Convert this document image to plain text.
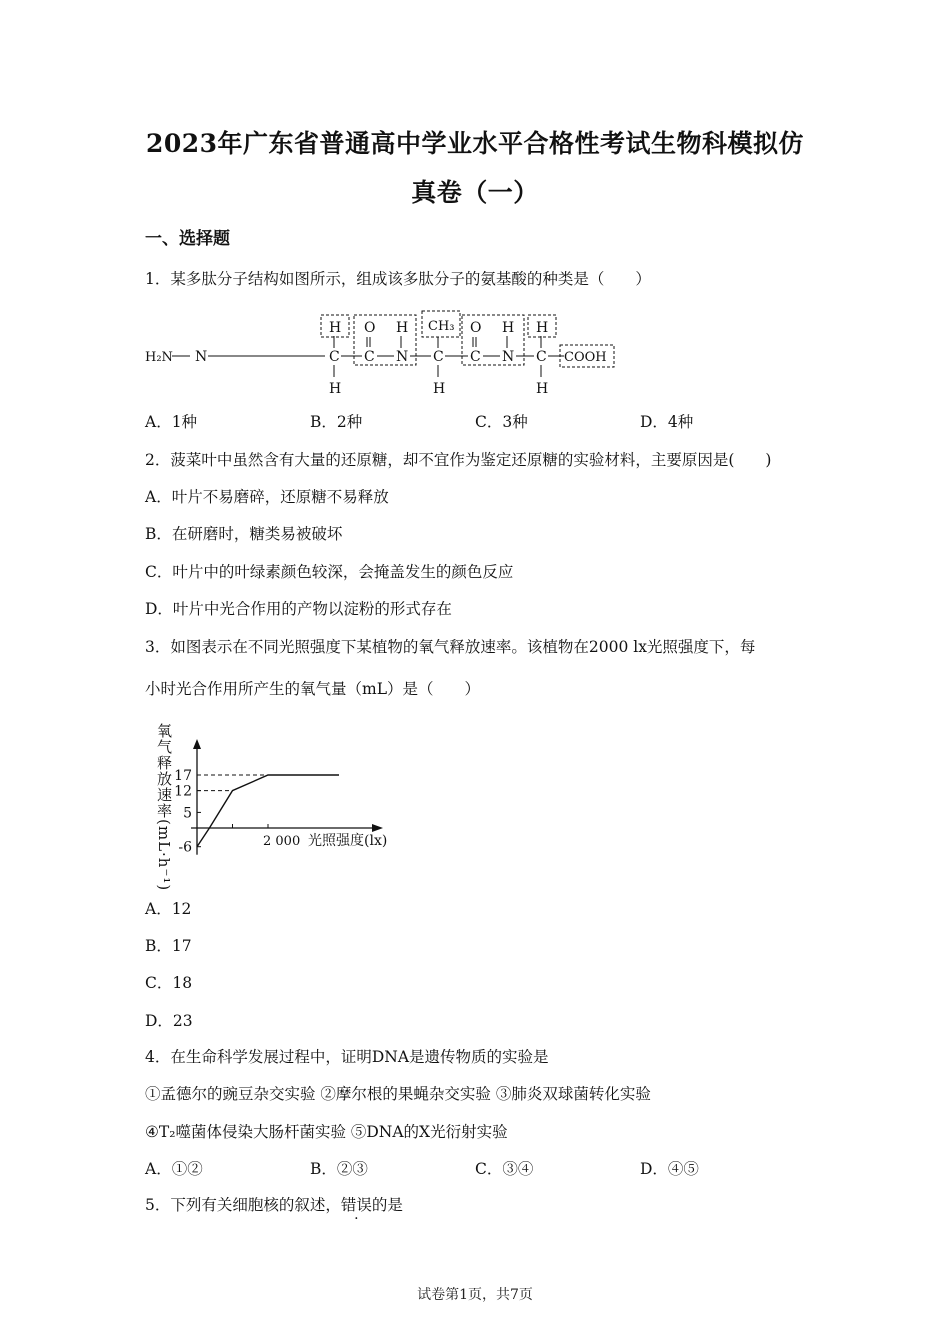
2023年广东省普通高中学业水平合格性考试生物科模拟仿
真卷（一）
一、选择题
1．某多肽分子结构如图所示，组成该多肽分子的氨基酸的种类是（　　）
H O H CH₃ O H H
H₂N N	C C N C C N C COOH
H	H	H
A．1种	B．2种	C．3种	D．4种
2．菠菜叶中虽然含有大量的还原糖，却不宜作为鉴定还原糖的实验材料，主要原因是(　　)
A．叶片不易磨碎，还原糖不易释放
B．在研磨时，糖类易被破坏
C．叶片中的叶绿素颜色较深，会掩盖发生的颜色反应
D．叶片中光合作用的产物以淀粉的形式存在
3．如图表示在不同光照强度下某植物的氧气释放速率。该植物在2000 lx光照强度下，每
小时光合作用所产生的氧气量（mL）是（　　）
17
12
5
-6	2 000 光照强度(lx)
氧气释放速率(mL·h⁻¹)
A．12
B．17
C．18
D．23
4．在生命科学发展过程中，证明DNA是遗传物质的实验是
①孟德尔的豌豆杂交实验 ②摩尔根的果蝇杂交实验 ③肺炎双球菌转化实验
④T₂噬菌体侵染大肠杆菌实验 ⑤DNA的X光衍射实验
A．①②	B．②③	C．③④	D．④⑤
5．下列有关细胞核的叙述，错误的是
试卷第1页，共7页
